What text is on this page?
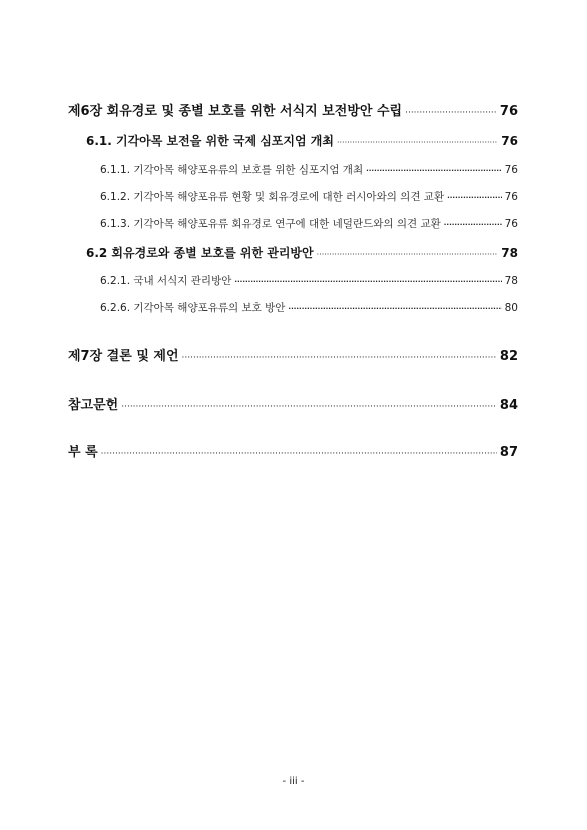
제6장 회유경로 및 종별 보호를 위한 서식지 보전방안 수립 ·····	76
6.1. 기각아목 보전을 위한 국제 심포지엄 개최 ·····	76
6.1.1. 기각아목 해양포유류의 보호를 위한 심포지엄 개최 ·····	76
6.1.2. 기각아목 해양포유류 현황 및 회유경로에 대한 러시아와의 의견 교환 ·····	76
6.1.3. 기각아목 해양포유류 회유경로 연구에 대한 네덜란드와의 의견 교환 ·····	76
6.2 회유경로와 종별 보호를 위한 관리방안 ·····	78
6.2.1. 국내 서식지 관리방안 ·····	78
6.2.6. 기각아목 해양포유류의 보호 방안 ·····	80
제7장 결론 및 제언 ·····	82
참고문헌 ·····	84
부 록 ·····	87
- iii -
